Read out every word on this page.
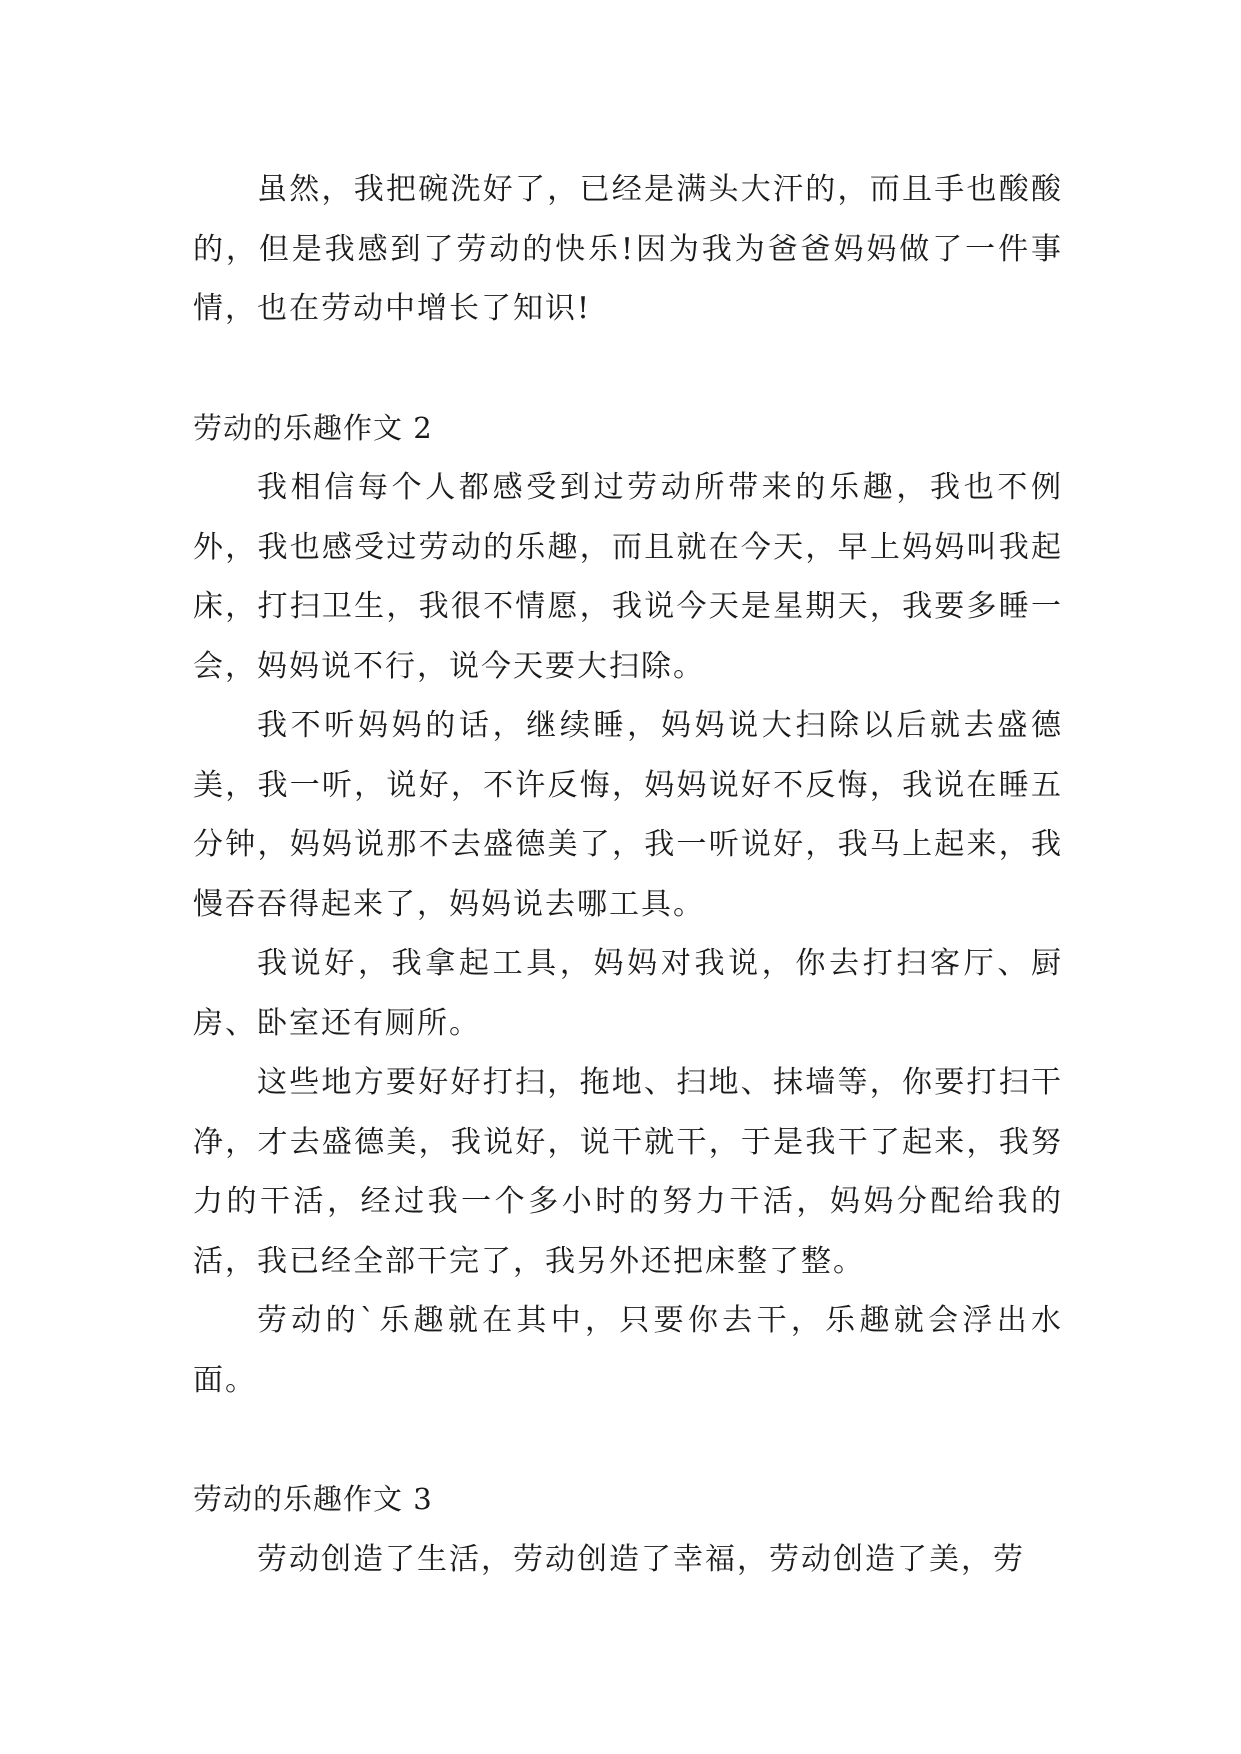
虽然，我把碗洗好了，已经是满头大汗的，而且手也酸酸的，但是我感到了劳动的快乐!因为我为爸爸妈妈做了一件事情，也在劳动中增长了知识!

劳动的乐趣作文 2

我相信每个人都感受到过劳动所带来的乐趣，我也不例外，我也感受过劳动的乐趣，而且就在今天，早上妈妈叫我起床，打扫卫生，我很不情愿，我说今天是星期天，我要多睡一会，妈妈说不行，说今天要大扫除。

我不听妈妈的话，继续睡，妈妈说大扫除以后就去盛德美，我一听，说好，不许反悔，妈妈说好不反悔，我说在睡五分钟，妈妈说那不去盛德美了，我一听说好，我马上起来，我慢吞吞得起来了，妈妈说去哪工具。

我说好，我拿起工具，妈妈对我说，你去打扫客厅、厨房、卧室还有厕所。

这些地方要好好打扫，拖地、扫地、抹墙等，你要打扫干净，才去盛德美，我说好，说干就干，于是我干了起来，我努力的干活，经过我一个多小时的努力干活，妈妈分配给我的活，我已经全部干完了，我另外还把床整了整。

劳动的`乐趣就在其中，只要你去干，乐趣就会浮出水面。

劳动的乐趣作文 3

劳动创造了生活，劳动创造了幸福，劳动创造了美，劳
